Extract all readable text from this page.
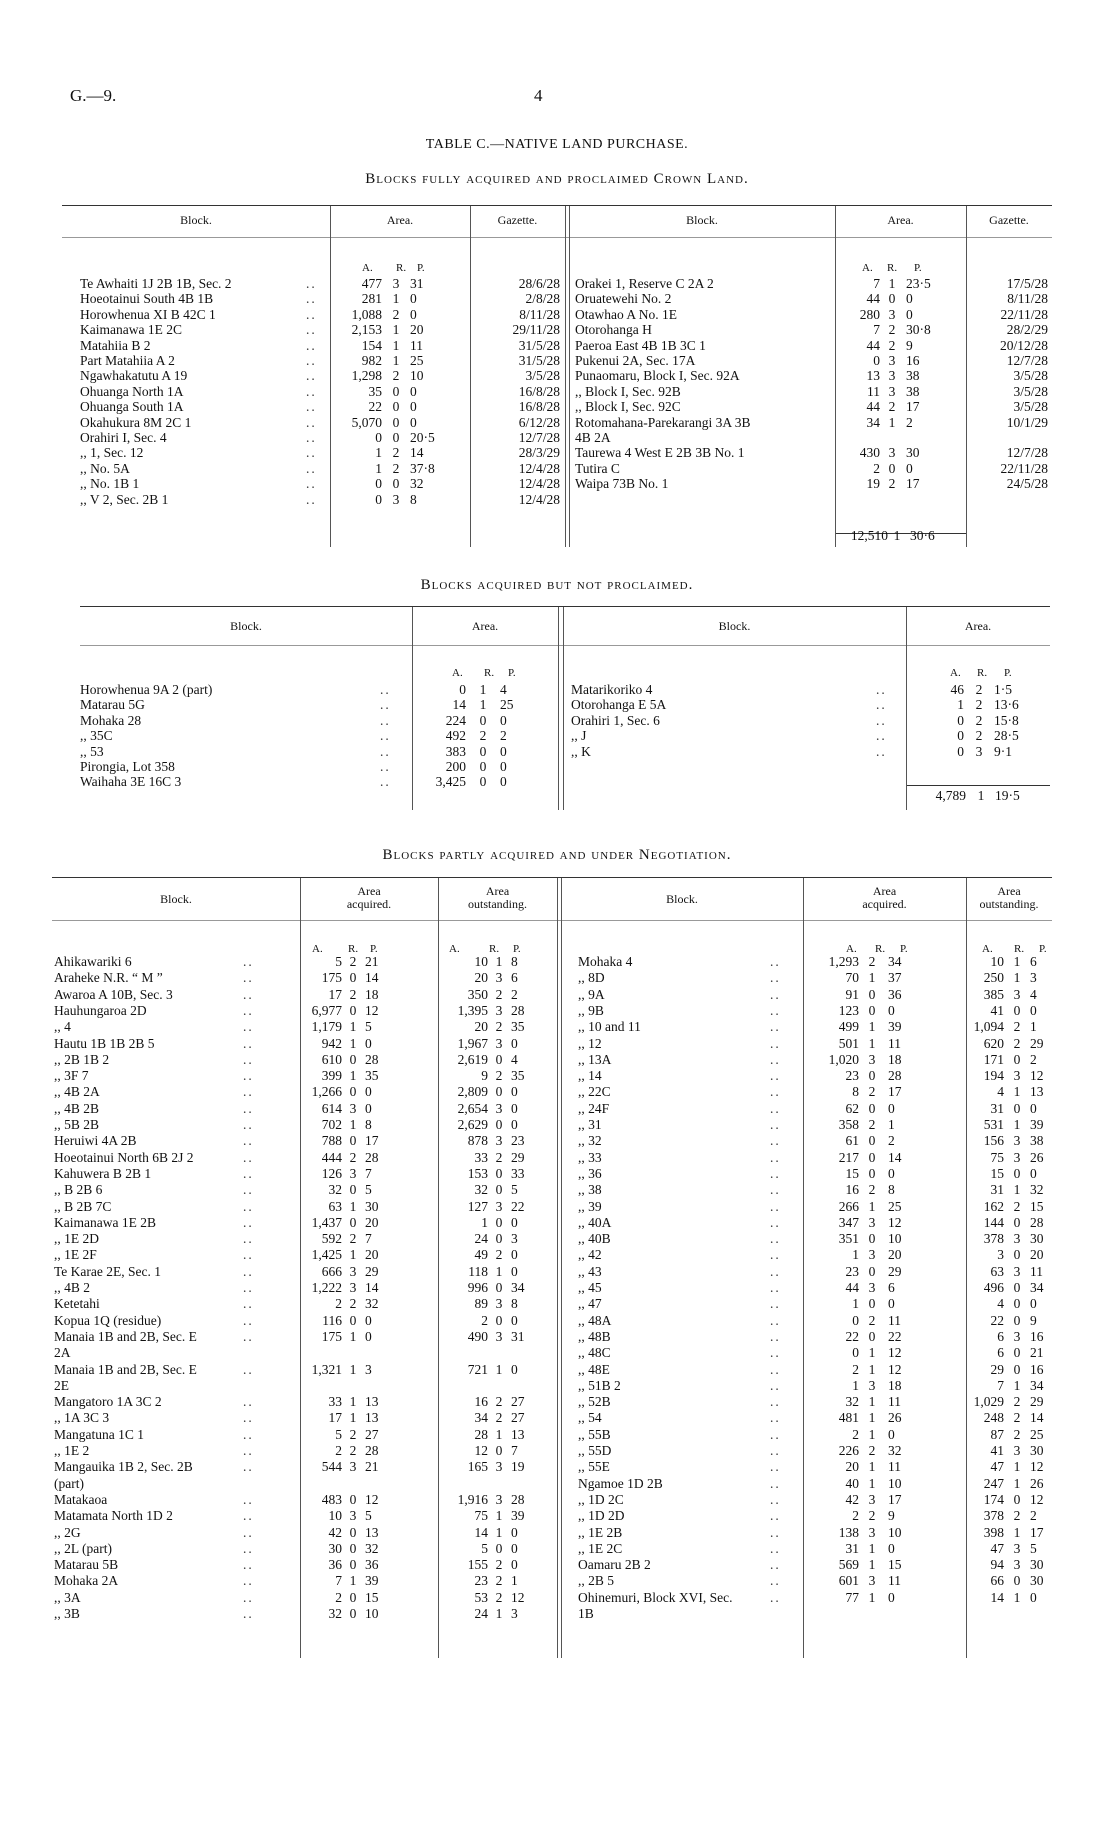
G.—9.	4
TABLE C.—NATIVE LAND PURCHASE.
Blocks fully acquired and proclaimed Crown Land.
Block.	Area.	Gazette.	Block.	Area.	Gazette.
A. R. P.	A. R. P.
Te Awhaiti 1J 2B 1B, Sec. 2	477 3 31	28/6/28
..
Hoeotainui South 4B 1B	281 1 0	2/8/28
..
Horowhenua XI B 42C 1	1,088 2 0	8/11/28
..
Kaimanawa 1E 2C	2,153 1 20	29/11/28
..
Matahiia B 2	154 1 11	31/5/28
..
Part Matahiia A 2	982 1 25	31/5/28
..
Ngawhakatutu A 19	1,298 2 10	3/5/28
..
Ohuanga North 1A	35 0 0	16/8/28
..
Ohuanga South 1A	22 0 0	16/8/28
..
Okahukura 8M 2C 1	5,070 0 0	6/12/28
..
Orahiri I, Sec. 4	0 0 20·5	12/7/28
..
,, 1, Sec. 12	1 2 14	28/3/29
..
,, No. 5A	1 2 37·8	12/4/28
..
,, No. 1B 1	0 0 32	12/4/28
..
,, V 2, Sec. 2B 1	0 3 8	12/4/28
..
Orakei 1, Reserve C 2A 2	7 1 23·5	17/5/28
Oruatewehi No. 2	44 0 0	8/11/28
Otawhao A No. 1E	280 3 0	22/11/28
Otorohanga H	7 2 30·8	28/2/29
Paeroa East 4B 1B 3C 1	44 2 9	20/12/28
Pukenui 2A, Sec. 17A	0 3 16	12/7/28
Punaomaru, Block I, Sec. 92A	13 3 38	3/5/28
,, Block I, Sec. 92B	11 3 38	3/5/28
,, Block I, Sec. 92C	44 2 17	3/5/28
Rotomahana-Parekarangi 3A 3B	34 1 2	10/1/29
4B 2A
Taurewa 4 West E 2B 3B No. 1	430 3 30	12/7/28
Tutira C	2 0 0	22/11/28
Waipa 73B No. 1	19 2 17	24/5/28
12,510 1 30·6
Blocks acquired but not proclaimed.
Block.	Area.	Block.	Area.
A. R. P.	A. R. P.
Horowhenua 9A 2 (part)	0	1	4
..
Matarau 5G	14	1	25
..
Mohaka 28	224	0	0
..
,, 35C	492	2	2
..
,, 53	383	0	0
..
Pirongia, Lot 358	200	0	0
..
Waihaha 3E 16C 3	3,425	0	0
..
Matarikoriko 4	46 2 1·5
..
Otorohanga E 5A	1 2 13·6
..
Orahiri 1, Sec. 6	0 2 15·8
..
,, J	0 2 28·5
..
,, K	0 3 9·1
..
4,789 1 19·5
Blocks partly acquired and under Negotiation.
Block.
Area
acquired.
Area
outstanding.	Block.
Area
acquired.
Area
outstanding.
A. R. P.	A.	R. P.	A. R. P.	A. R. P.
Ahikawariki 6	5 2 21	10 1 8
..
Araheke N.R. “ M ”	175 0 14	20 3 6
..
Awaroa A 10B, Sec. 3	17 2 18	350 2 2
..
Hauhungaroa 2D	6,977 0 12	1,395 3 28
..
,, 4	1,179 1 5	20 2 35
..
Hautu 1B 1B 2B 5	942 1 0	1,967 3 0
..
,, 2B 1B 2	610 0 28	2,619 0 4
..
,, 3F 7	399 1 35	9 2 35
..
,, 4B 2A	1,266 0 0	2,809 0 0
..
,, 4B 2B	614 3 0	2,654 3 0
..
,, 5B 2B	702 1 8	2,629 0 0
..
Heruiwi 4A 2B	788 0 17	878 3 23
..
Hoeotainui North 6B 2J 2	444 2 28	33 2 29
..
Kahuwera B 2B 1	126 3 7	153 0 33
..
,, B 2B 6	32 0 5	32 0 5
..
,, B 2B 7C	63 1 30	127 3 22
..
Kaimanawa 1E 2B	1,437 0 20	1 0 0
..
,, 1E 2D	592 2 7	24 0 3
..
,, 1E 2F	1,425 1 20	49 2 0
..
Te Karae 2E, Sec. 1	666 3 29	118 1 0
..
,, 4B 2	1,222 3 14	996 0 34
..
Ketetahi	2 2 32	89 3 8
..
Kopua 1Q (residue)	116 0 0	2 0 0
..
Manaia 1B and 2B, Sec. E	175 1 0	490 3 31
..
2A
Manaia 1B and 2B, Sec. E	1,321 1 3	721 1 0
..
2E
Mangatoro 1A 3C 2	33 1 13	16 2 27
..
,, 1A 3C 3	17 1 13	34 2 27
..
Mangatuna 1C 1	5 2 27	28 1 13
..
,, 1E 2	2 2 28	12 0 7
..
Mangauika 1B 2, Sec. 2B	544 3 21	165 3 19
..
(part)
Matakaoa	483 0 12	1,916 3 28
..
Matamata North 1D 2	10 3 5	75 1 39
..
,, 2G	42 0 13	14 1 0
..
,, 2L (part)	30 0 32	5 0 0
..
Matarau 5B	36 0 36	155 2 0
..
Mohaka 2A	7 1 39	23 2 1
..
,, 3A	2 0 15	53 2 12
..
,, 3B	32 0 10	24 1 3
..
Mohaka 4	1,293 2 34	10 1 6
..
,, 8D	70 1 37	250 1 3
..
,, 9A	91 0 36	385 3 4
..
,, 9B	123 0 0	41 0 0
..
,, 10 and 11	499 1 39	1,094 2 1
..
,, 12	501 1 11	620 2 29
..
,, 13A	1,020 3 18	171 0 2
..
,, 14	23 0 28	194 3 12
..
,, 22C	8 2 17	4 1 13
..
,, 24F	62 0 0	31 0 0
..
,, 31	358 2 1	531 1 39
..
,, 32	61 0 2	156 3 38
..
,, 33	217 0 14	75 3 26
..
,, 36	15 0 0	15 0 0
..
,, 38	16 2 8	31 1 32
..
,, 39	266 1 25	162 2 15
..
,, 40A	347 3 12	144 0 28
..
,, 40B	351 0 10	378 3 30
..
,, 42	1 3 20	3 0 20
..
,, 43	23 0 29	63 3 11
..
,, 45	44 3 6	496 0 34
..
,, 47	1 0 0	4 0 0
..
,, 48A	0 2 11	22 0 9
..
,, 48B	22 0 22	6 3 16
..
,, 48C	0 1 12	6 0 21
..
,, 48E	2 1 12	29 0 16
..
,, 51B 2	1 3 18	7 1 34
..
,, 52B	32 1 11	1,029 2 29
..
,, 54	481 1 26	248 2 14
..
,, 55B	2 1 0	87 2 25
..
,, 55D	226 2 32	41 3 30
..
,, 55E	20 1 11	47 1 12
..
Ngamoe 1D 2B	40 1 10	247 1 26
..
,, 1D 2C	42 3 17	174 0 12
..
,, 1D 2D	2 2 9	378 2 2
..
,, 1E 2B	138 3 10	398 1 17
..
,, 1E 2C	31 1 0	47 3 5
..
Oamaru 2B 2	569 1 15	94 3 30
..
,, 2B 5	601 3 11	66 0 30
..
Ohinemuri, Block XVI, Sec.	77 1 0	14 1 0
..
1B
